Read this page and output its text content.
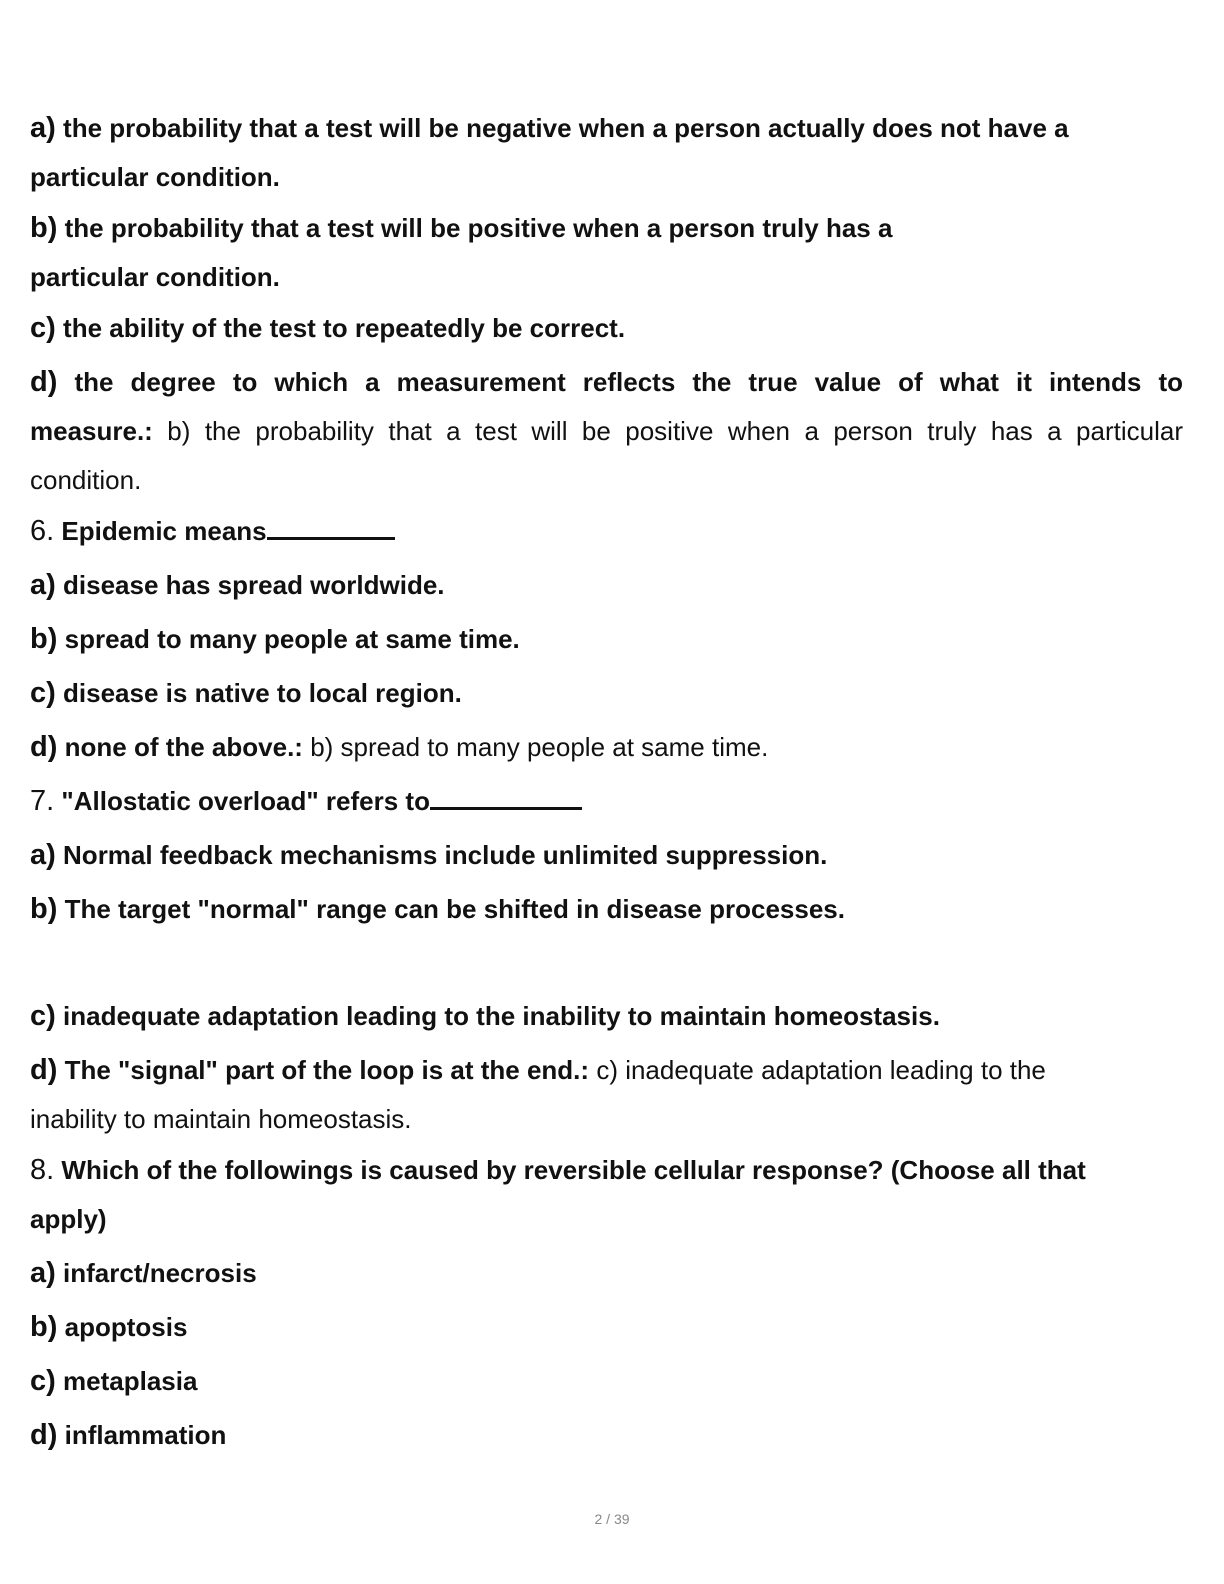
a) the probability that a test will be negative when a person actually does not have a

particular condition.

b) the probability that a test will be positive when a person truly has a

particular condition.

c) the ability of the test to repeatedly be correct.

d) the degree to which a measurement reflects the true value of what it intends to

measure.: b) the probability that a test will be positive when a person truly has a particular

condition.

6. Epidemic means

a) disease has spread worldwide.

b) spread to many people at same time.

c) disease is native to local region.

d) none of the above.: b) spread to many people at same time.

7. "Allostatic overload" refers to

a) Normal feedback mechanisms include unlimited suppression.

b) The target "normal" range can be shifted in disease processes.

c) inadequate adaptation leading to the inability to maintain homeostasis.

d) The "signal" part of the loop is at the end.: c) inadequate adaptation leading to the

inability to maintain homeostasis.

8. Which of the followings is caused by reversible cellular response? (Choose all that

apply)

a) infarct/necrosis

b) apoptosis

c) metaplasia

d) inflammation

2 / 39
